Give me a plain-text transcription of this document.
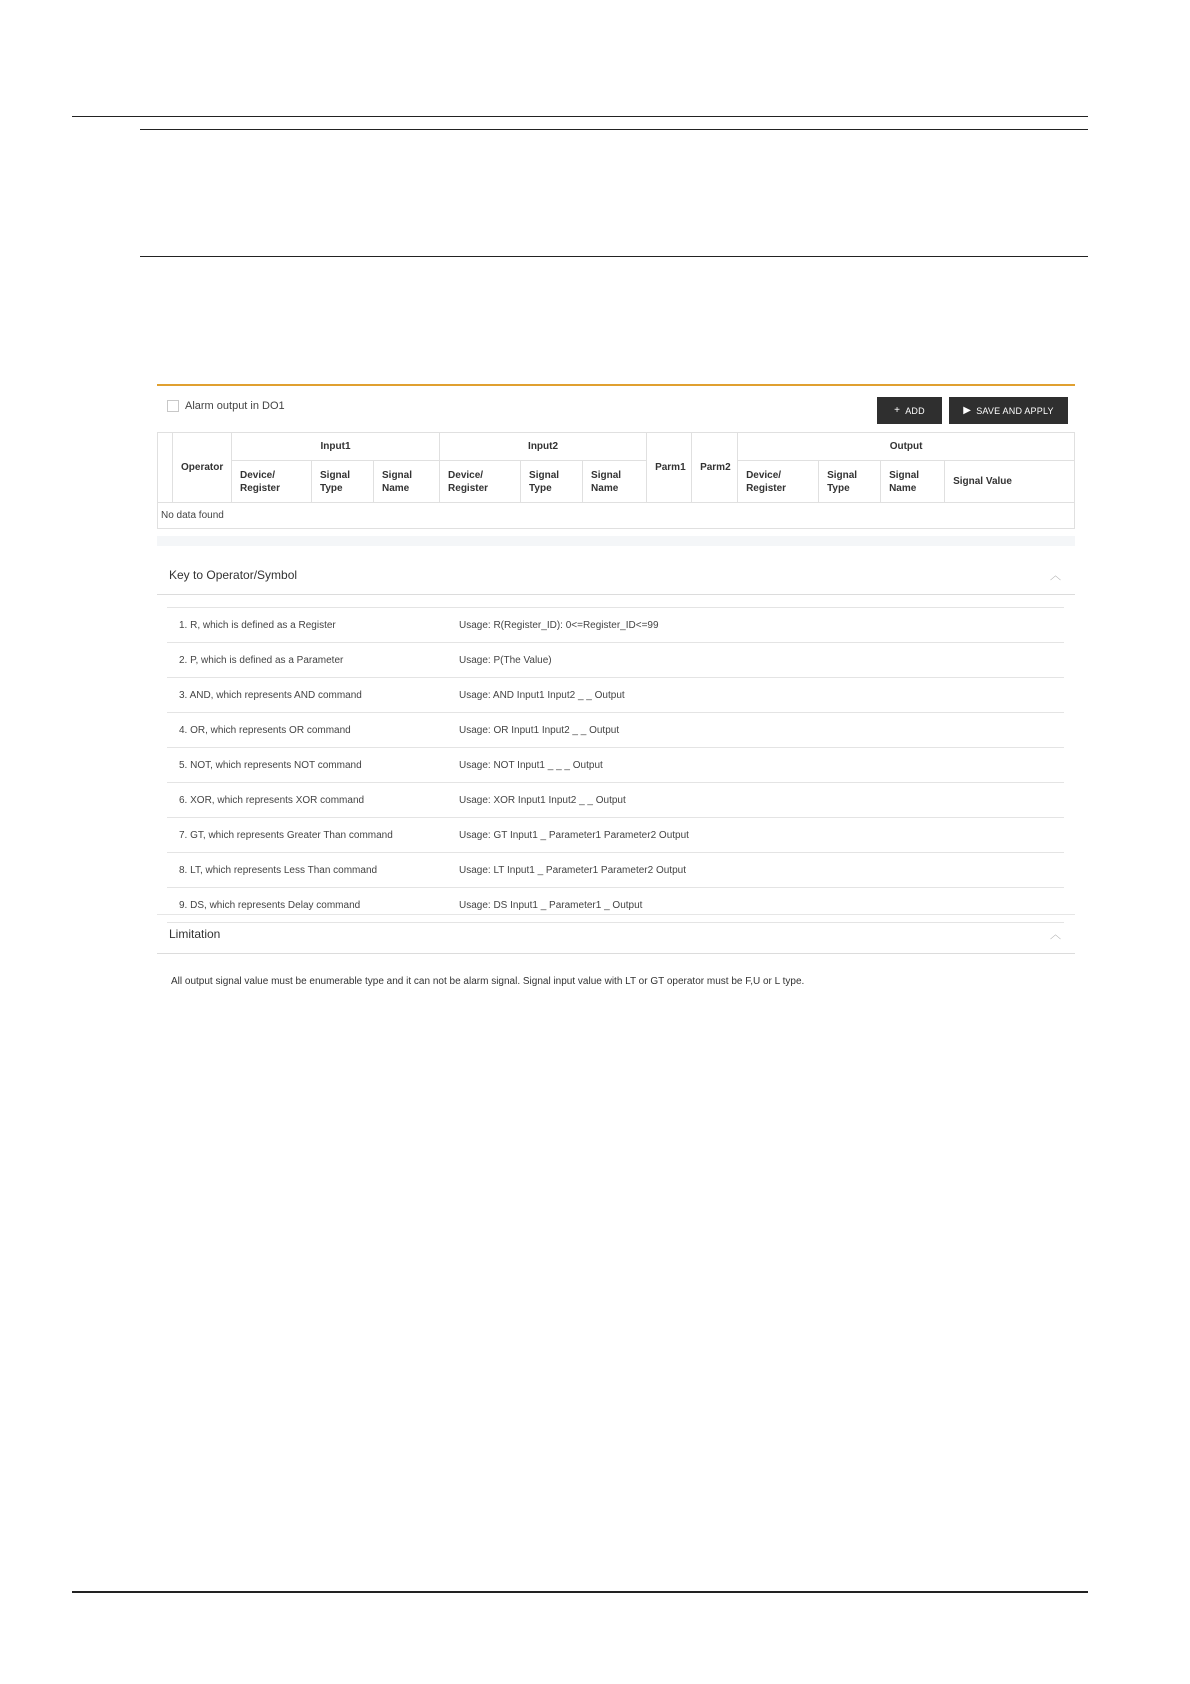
Alarm output in DO1	+ ADD	▶ SAVE AND APPLY
	Operator	Input1			Input2			Parm1	Parm2	Output			
		Device/ Register	Signal Type	Signal Name	Device/ Register	Signal Type	Signal Name			Device/ Register	Signal Type	Signal Name	Signal Value
No data found													
Key to Operator/Symbol	︿
1. R, which is defined as a Register	Usage: R(Register_ID): 0<=Register_ID<=99
2. P, which is defined as a Parameter	Usage: P(The Value)
3. AND, which represents AND command	Usage: AND Input1 Input2 _ _ Output
4. OR, which represents OR command	Usage: OR Input1 Input2 _ _ Output
5. NOT, which represents NOT command	Usage: NOT Input1 _ _ _ Output
6. XOR, which represents XOR command	Usage: XOR Input1 Input2 _ _ Output
7. GT, which represents Greater Than command	Usage: GT Input1 _ Parameter1 Parameter2 Output
8. LT, which represents Less Than command	Usage: LT Input1 _ Parameter1 Parameter2 Output
9. DS, which represents Delay command	Usage: DS Input1 _ Parameter1 _ Output
Limitation	︿
All output signal value must be enumerable type and it can not be alarm signal. Signal input value with LT or GT operator must be F,U or L type.
